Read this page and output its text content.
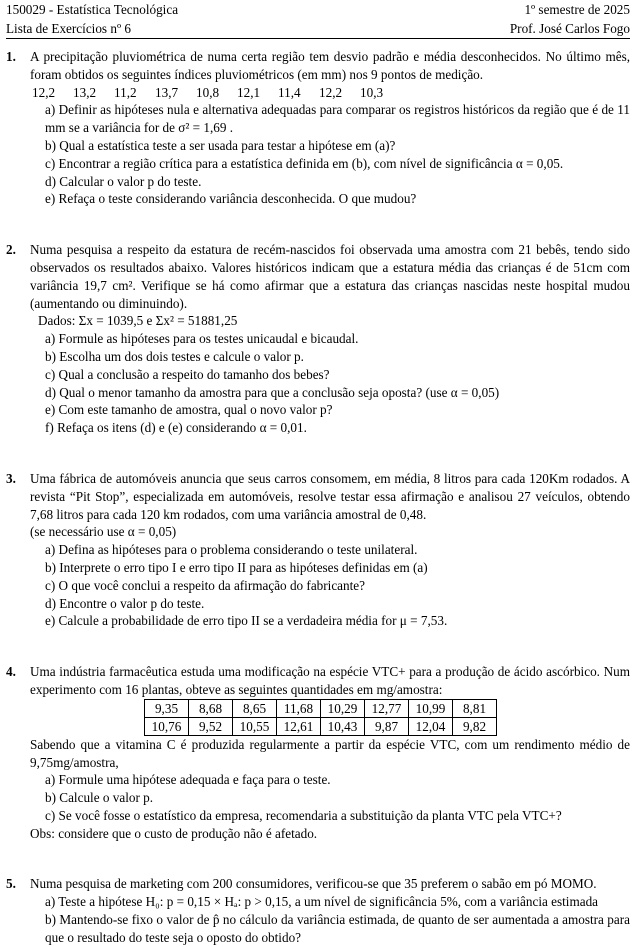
150029 - Estatística Tecnológica	1º semestre de 2025
Lista de Exercícios nº 6	Prof. José Carlos Fogo
1. A precipitação pluviométrica de numa certa região tem desvio padrão e média desconhecidos. No último mês, foram obtidos os seguintes índices pluviométricos (em mm) nos 9 pontos de medição.
12,2	13,2	11,2	13,7	10,8	12,1	11,4	12,2	10,3
a) Definir as hipóteses nula e alternativa adequadas para comparar os registros históricos da região que é de 11 mm se a variância for de σ² = 1,69 .
b) Qual a estatística teste a ser usada para testar a hipótese em (a)?
c) Encontrar a região crítica para a estatística definida em (b), com nível de significância α = 0,05.
d) Calcular o valor p do teste.
e) Refaça o teste considerando variância desconhecida. O que mudou?
2. Numa pesquisa a respeito da estatura de recém-nascidos foi observada uma amostra com 21 bebês, tendo sido observados os resultados abaixo. Valores históricos indicam que a estatura média das crianças é de 51cm com variância 19,7 cm². Verifique se há como afirmar que a estatura das crianças nascidas neste hospital mudou (aumentando ou diminuindo).
Dados: Σx = 1039,5 e Σx² = 51881,25
a) Formule as hipóteses para os testes unicaudal e bicaudal.
b) Escolha um dos dois testes e calcule o valor p.
c) Qual a conclusão a respeito do tamanho dos bebes?
d) Qual o menor tamanho da amostra para que a conclusão seja oposta? (use α = 0,05)
e) Com este tamanho de amostra, qual o novo valor p?
f) Refaça os itens (d) e (e) considerando α = 0,01.
3. Uma fábrica de automóveis anuncia que seus carros consomem, em média, 8 litros para cada 120Km rodados. A revista “Pit Stop”, especializada em automóveis, resolve testar essa afirmação e analisou 27 veículos, obtendo 7,68 litros para cada 120 km rodados, com uma variância amostral de 0,48.
(se necessário use α = 0,05)
a) Defina as hipóteses para o problema considerando o teste unilateral.
b) Interprete o erro tipo I e erro tipo II para as hipóteses definidas em (a)
c) O que você conclui a respeito da afirmação do fabricante?
d) Encontre o valor p do teste.
e) Calcule a probabilidade de erro tipo II se a verdadeira média for μ = 7,53.
4. Uma indústria farmacêutica estuda uma modificação na espécie VTC+ para a produção de ácido ascórbico. Num experimento com 16 plantas, obteve as seguintes quantidades em mg/amostra:
9,35	8,68	8,65	11,68	10,29	12,77	10,99	8,81
10,76	9,52	10,55	12,61	10,43	9,87	12,04	9,82
Sabendo que a vitamina C é produzida regularmente a partir da espécie VTC, com um rendimento médio de 9,75mg/amostra,
a) Formule uma hipótese adequada e faça para o teste.
b) Calcule o valor p.
c) Se você fosse o estatístico da empresa, recomendaria a substituição da planta VTC pela VTC+?
Obs: considere que o custo de produção não é afetado.
5. Numa pesquisa de marketing com 200 consumidores, verificou-se que 35 preferem o sabão em pó MOMO.
a) Teste a hipótese H₀: p = 0,15 × Hₐ: p > 0,15, a um nível de significância 5%, com a variância estimada
b) Mantendo-se fixo o valor de p̂ no cálculo da variância estimada, de quanto de ser aumentada a amostra para que o resultado do teste seja o oposto do obtido?
